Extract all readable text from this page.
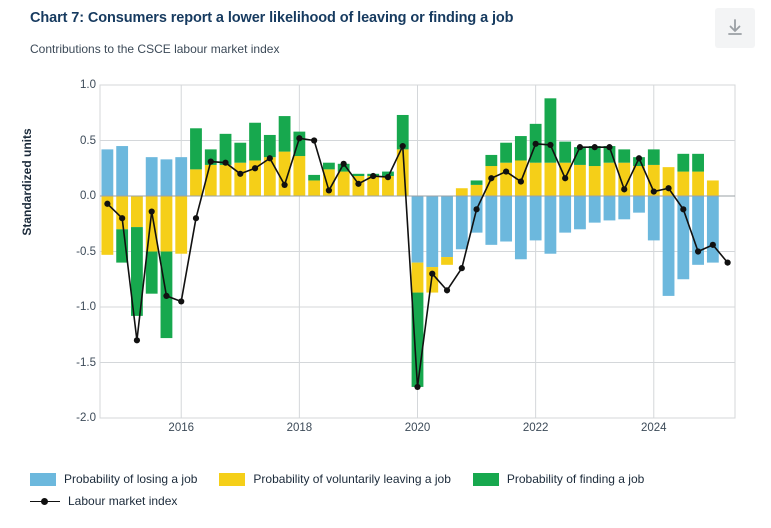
Chart 7: Consumers report a lower likelihood of leaving or finding a job
Contributions to the CSCE labour market index
Standardized units
1.0
0.5
0.0
-0.5
-1.0
-1.5
-2.0
2016	2018	2020	2022	2024
Probability of losing a job	Probability of voluntarily leaving a job	Probability of finding a job
Labour market index
